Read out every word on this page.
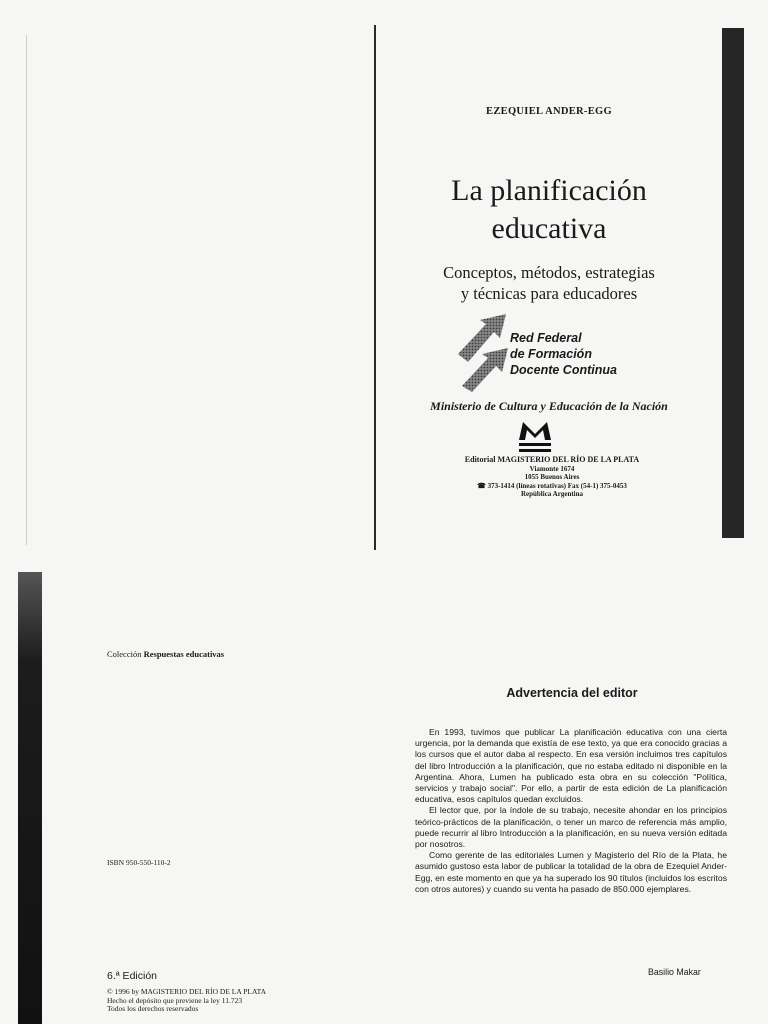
EZEQUIEL ANDER-EGG
La planificación
educativa
Conceptos, métodos, estrategias
y técnicas para educadores
Red Federal
de Formación
Docente Continua
Ministerio de Cultura y Educación de la Nación
Editorial MAGISTERIO DEL RÍO DE LA PLATA
Viamonte 1674
1055 Buenos Aires
☎ 373-1414 (líneas rotativas) Fax (54-1) 375-0453
República Argentina
Colección Respuestas educativas
ISBN 950-550-110-2
6.ª Edición
© 1996 by MAGISTERIO DEL RÍO DE LA PLATA
Hecho el depósito que previene la ley 11.723
Todos los derechos reservados
Advertencia del editor

En 1993, tuvimos que publicar La planificación educativa con una cierta urgencia, por la demanda que existía de ese texto, ya que era conocido gracias a los cursos que el autor daba al respecto. En esa versión incluimos tres capítulos del libro Introducción a la planificación, que no estaba editado ni disponible en la Argentina. Ahora, Lumen ha publicado esta obra en su colección "Política, servicios y trabajo social". Por ello, a partir de esta edición de La planificación educativa, esos capítulos quedan excluidos.

El lector que, por la índole de su trabajo, necesite ahondar en los principios teórico-prácticos de la planificación, o tener un marco de referencia más amplio, puede recurrir al libro Introducción a la planificación, en su nueva versión editada por nosotros.

Como gerente de las editoriales Lumen y Magisterio del Río de la Plata, he asumido gustoso esta labor de publicar la totalidad de la obra de Ezequiel Ander-Egg, en este momento en que ya ha superado los 90 títulos (incluidos los escritos con otros autores) y cuando su venta ha pasado de 850.000 ejemplares.

Basilio Makar
